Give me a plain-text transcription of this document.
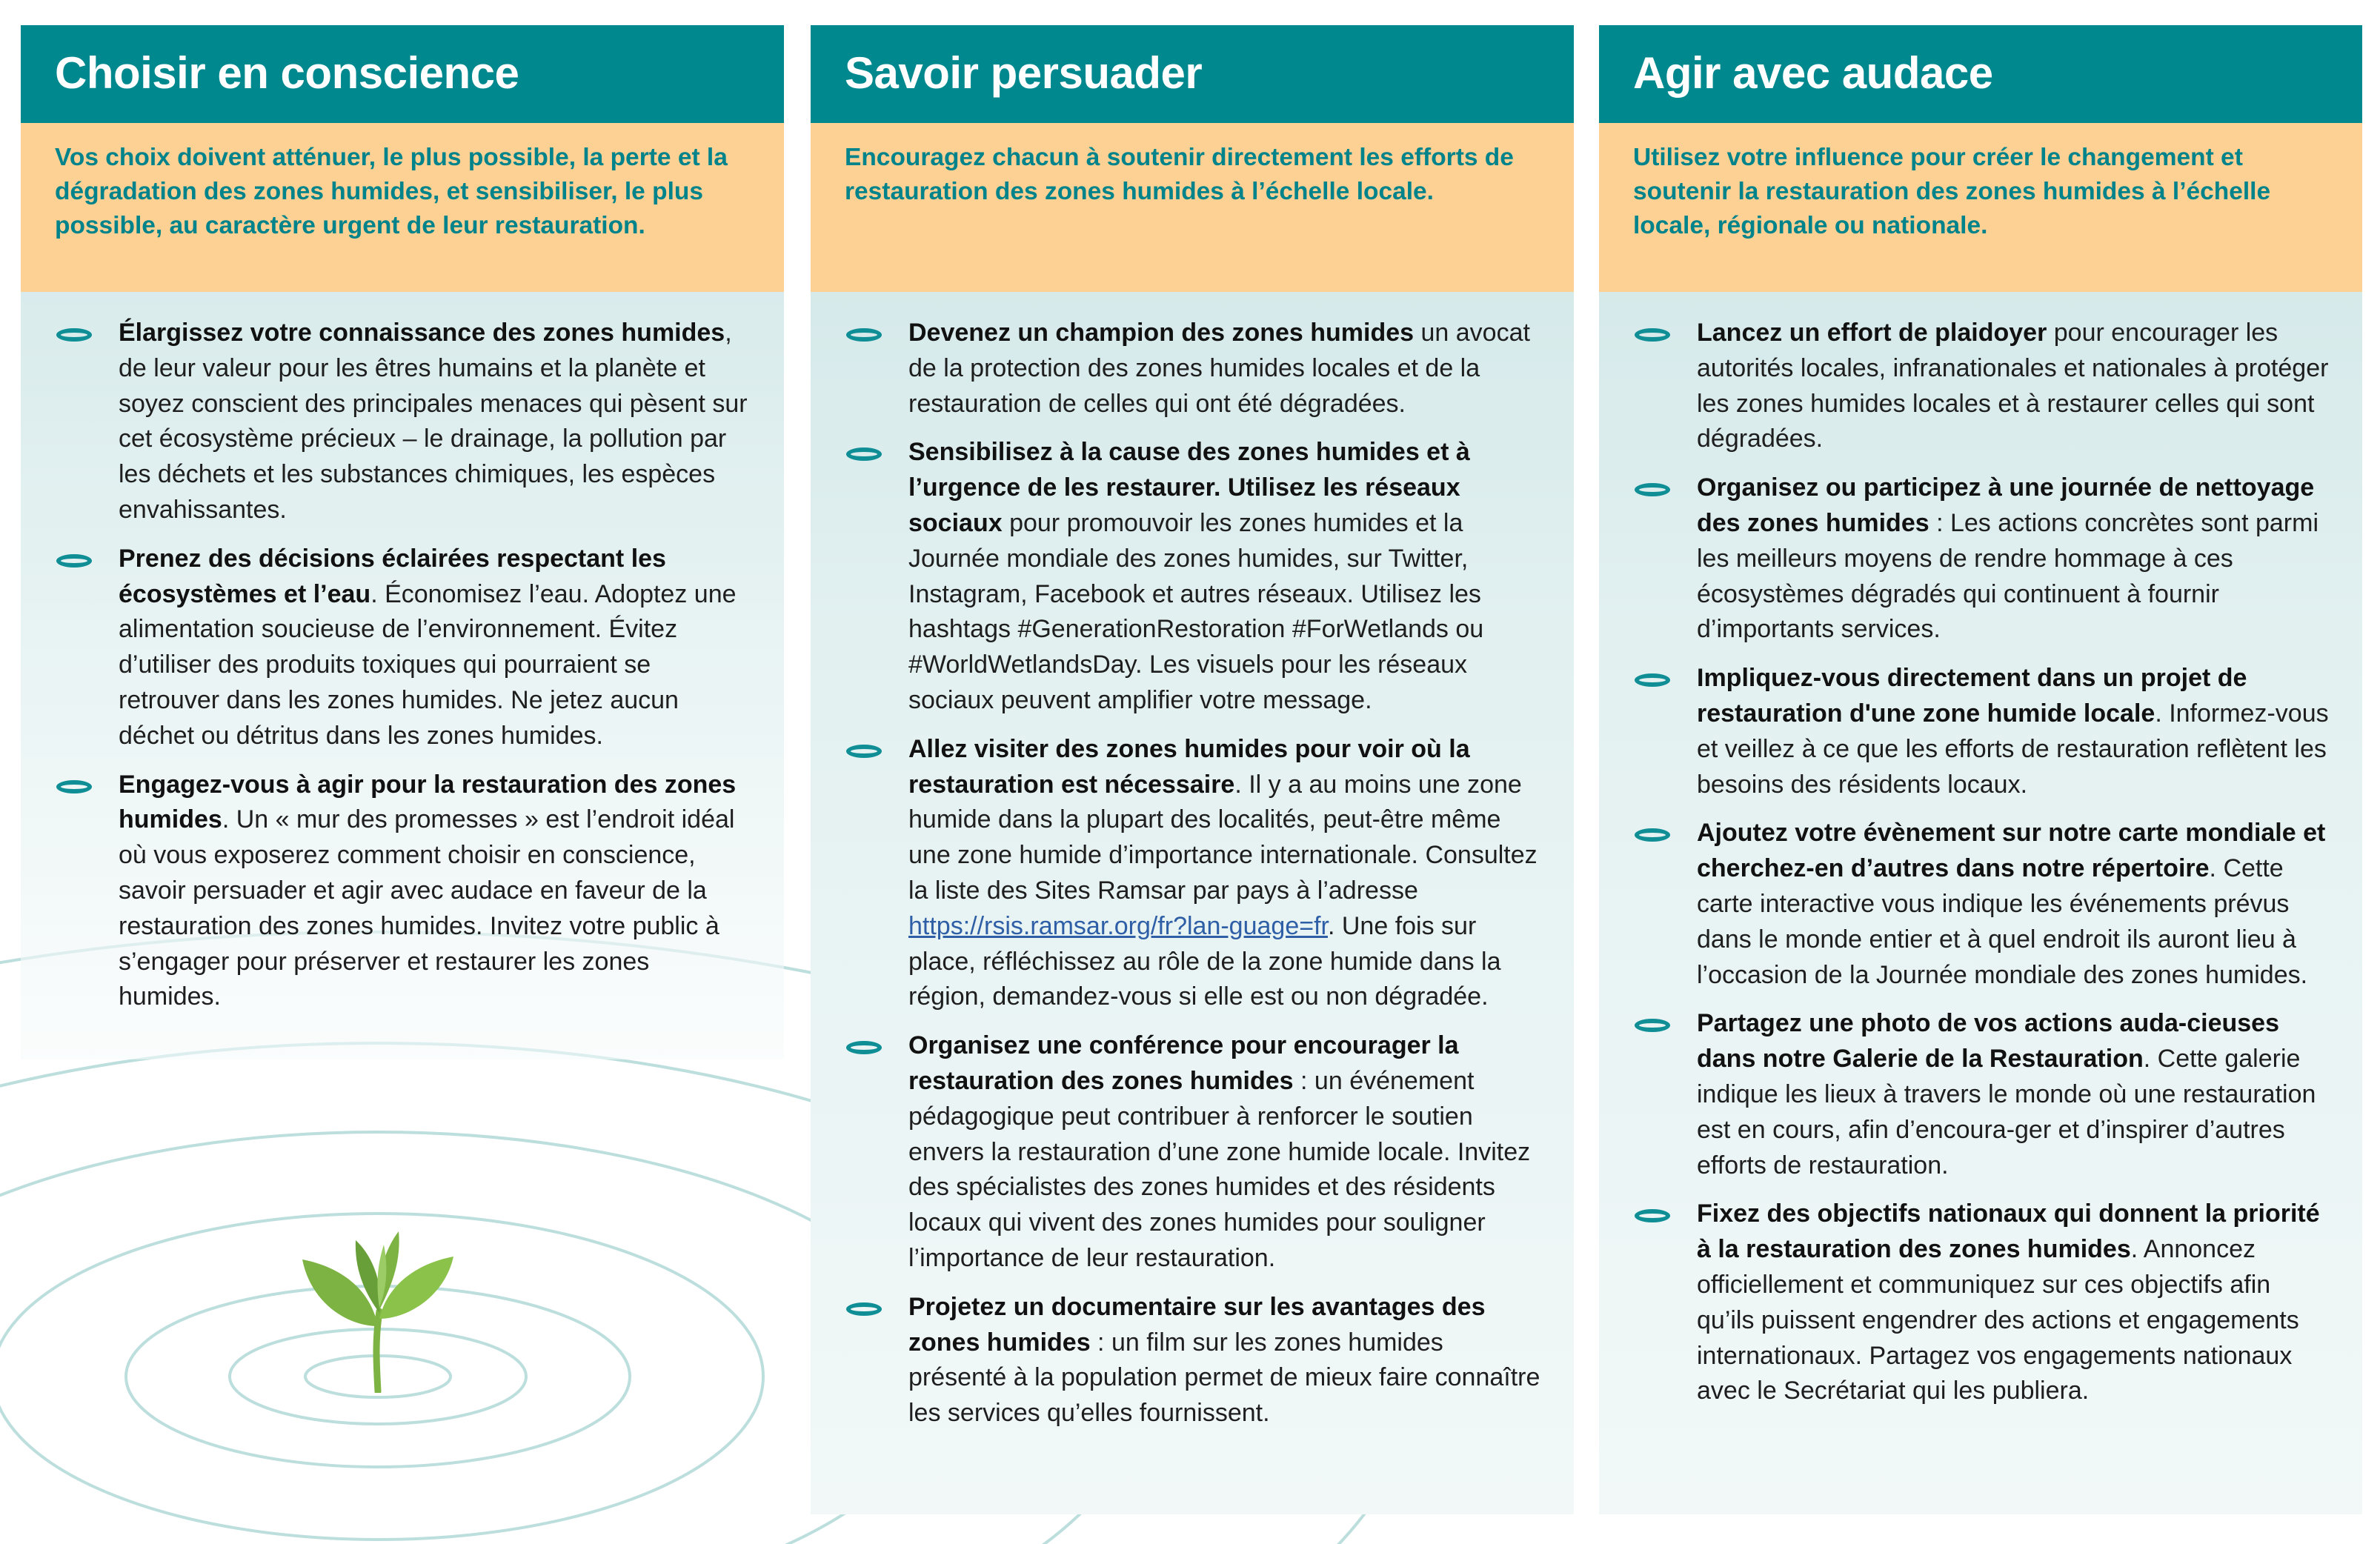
Choisir en conscience

Vos choix doivent atténuer, le plus possible, la perte et la dégradation des zones humides, et sensibiliser, le plus possible, au caractère urgent de leur restauration.

Élargissez votre connaissance des zones humides, de leur valeur pour les êtres humains et la planète et soyez conscient des principales menaces qui pèsent sur cet écosystème précieux – le drainage, la pollution par les déchets et les substances chimiques, les espèces envahissantes.
Prenez des décisions éclairées respectant les écosystèmes et l’eau. Économisez l’eau. Adoptez une alimentation soucieuse de l’environnement. Évitez d’utiliser des produits toxiques qui pourraient se retrouver dans les zones humides. Ne jetez aucun déchet ou détritus dans les zones humides.
Engagez-vous à agir pour la restauration des zones humides. Un « mur des promesses » est l’endroit idéal où vous exposerez comment choisir en conscience, savoir persuader et agir avec audace en faveur de la restauration des zones humides. Invitez votre public à s’engager pour préserver et restaurer les zones humides.
Savoir persuader

Encouragez chacun à soutenir directement les efforts de restauration des zones humides à l’échelle locale.

Devenez un champion des zones humides un avocat de la protection des zones humides locales et de la restauration de celles qui ont été dégradées.
Sensibilisez à la cause des zones humides et à l’urgence de les restaurer. Utilisez les réseaux sociaux pour promouvoir les zones humides et la Journée mondiale des zones humides, sur Twitter, Instagram, Facebook et autres réseaux. Utilisez les hashtags #GenerationRestoration #ForWetlands ou #WorldWetlandsDay. Les visuels pour les réseaux sociaux peuvent amplifier votre message.
Allez visiter des zones humides pour voir où la restauration est nécessaire. Il y a au moins une zone humide dans la plupart des localités, peut-être même une zone humide d’importance internationale. Consultez la liste des Sites Ramsar par pays à l’adresse https://rsis.ramsar.org/fr?lan-guage=fr. Une fois sur place, réfléchissez au rôle de la zone humide dans la région, demandez-vous si elle est ou non dégradée.
Organisez une conférence pour encourager la restauration des zones humides : un événement pédagogique peut contribuer à renforcer le soutien envers la restauration d’une zone humide locale. Invitez des spécialistes des zones humides et des résidents locaux qui vivent des zones humides pour souligner l’importance de leur restauration.
Projetez un documentaire sur les avantages des zones humides : un film sur les zones humides présenté à la population permet de mieux faire connaître les services qu’elles fournissent.
Agir avec audace

Utilisez votre influence pour créer le changement et soutenir la restauration des zones humides à l’échelle locale, régionale ou nationale.

Lancez un effort de plaidoyer pour encourager les autorités locales, infranationales et nationales à protéger les zones humides locales et à restaurer celles qui sont dégradées.
Organisez ou participez à une journée de nettoyage des zones humides : Les actions concrètes sont parmi les meilleurs moyens de rendre hommage à ces écosystèmes dégradés qui continuent à fournir d’importants services.
Impliquez-vous directement dans un projet de restauration d'une zone humide locale. Informez-vous et veillez à ce que les efforts de restauration reflètent les besoins des résidents locaux.
Ajoutez votre évènement sur notre carte mondiale et cherchez-en d’autres dans notre répertoire. Cette carte interactive vous indique les événements prévus dans le monde entier et à quel endroit ils auront lieu à l’occasion de la Journée mondiale des zones humides.
Partagez une photo de vos actions auda-cieuses dans notre Galerie de la Restauration. Cette galerie indique les lieux à travers le monde où une restauration est en cours, afin d’encoura-ger et d’inspirer d’autres efforts de restauration.
Fixez des objectifs nationaux qui donnent la priorité à la restauration des zones humides. Annoncez officiellement et communiquez sur ces objectifs afin qu’ils puissent engendrer des actions et engagements internationaux. Partagez vos engagements nationaux avec le Secrétariat qui les publiera.
